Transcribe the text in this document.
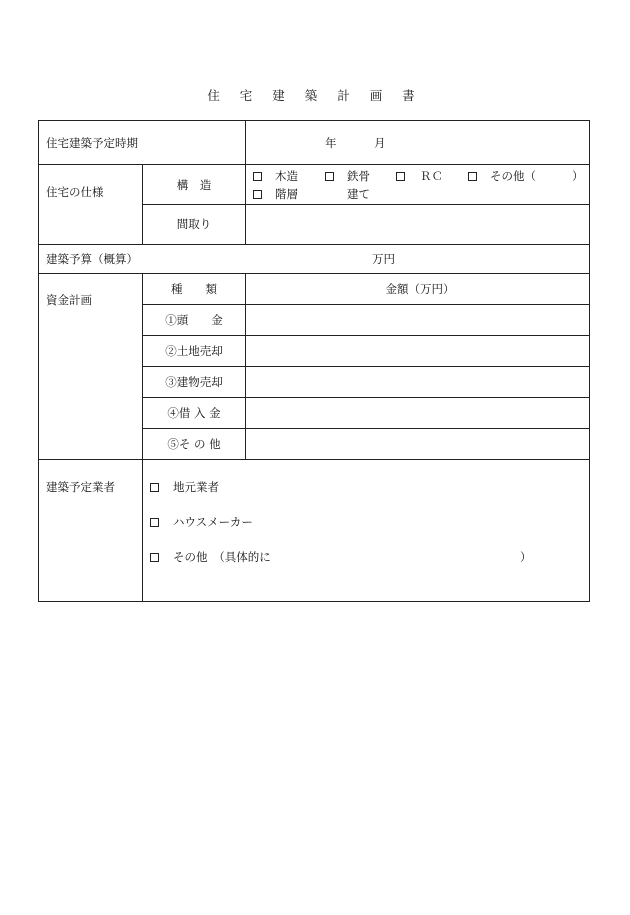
住 宅 建 築 計 画 書
住宅建築予定時期	年	月
住宅の仕様	構　造
木造	鉄骨	ＲＣ	その他（	）
階層	建て
間取り
建築予算（概算）	万円
資金計画
種　　類	金額（万円）
①頭　　金
②土地売却
③建物売却
④借 入 金
⑤そ の 他
建築予定業者	地元業者
ハウスメーカー
その他　（具体的に	）
